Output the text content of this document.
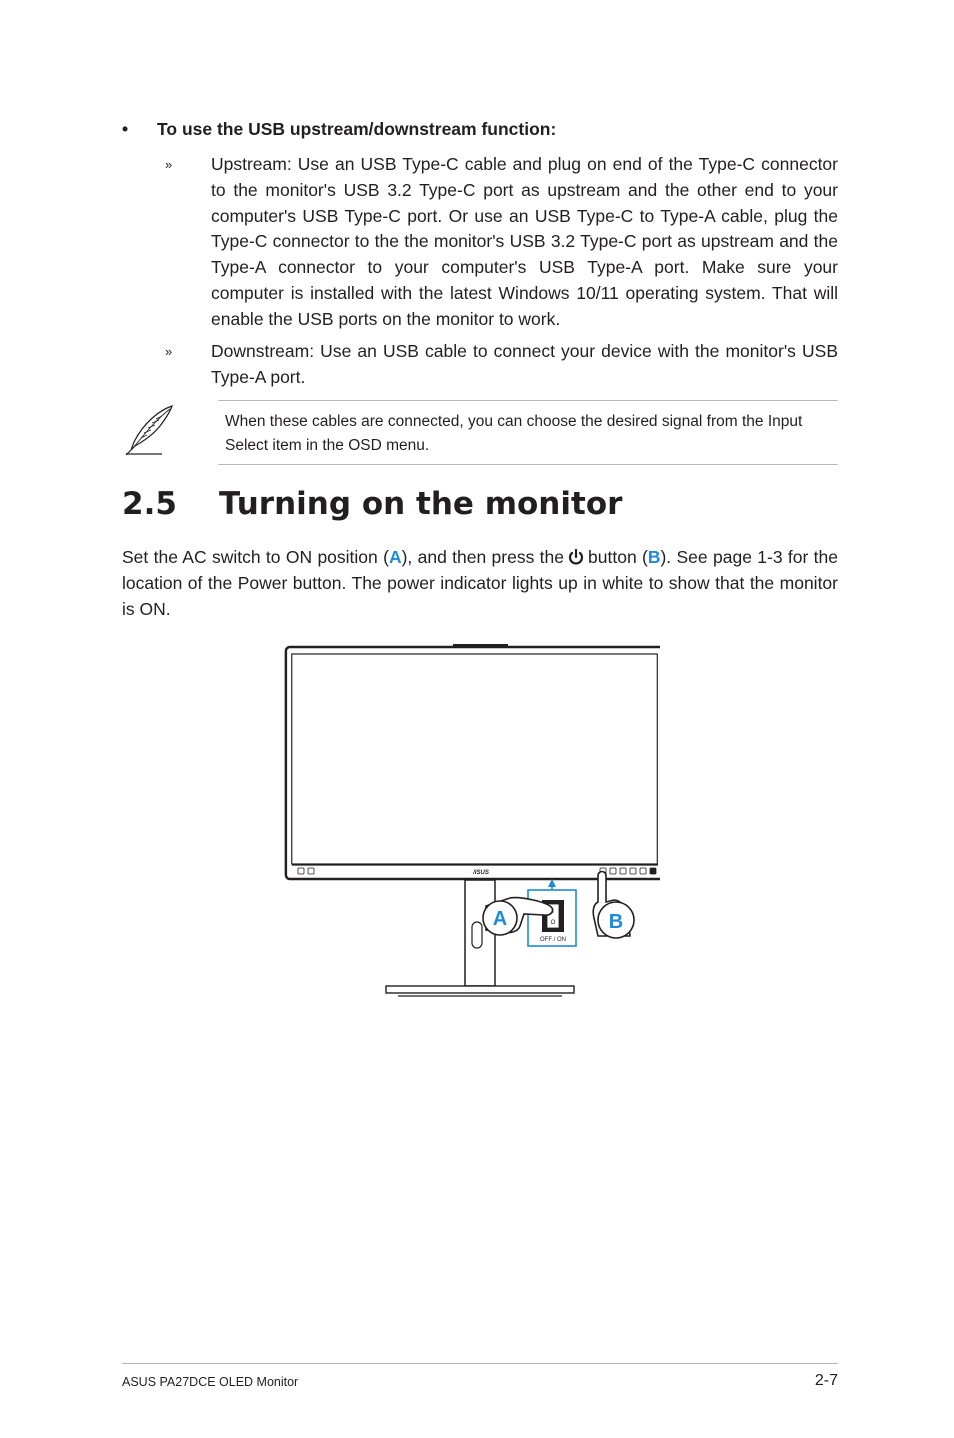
• To use the USB upstream/downstream function:
» Upstream: Use an USB Type-C cable and plug on end of the Type-C connector to the monitor's USB 3.2 Type-C port as upstream and the other end to your computer's USB Type-C port. Or use an USB Type-C to Type-A cable, plug the Type-C connector to the the monitor's USB 3.2 Type-C port as upstream and the Type-A connector to your computer's USB Type-A port. Make sure your computer is installed with the latest Windows 10/11 operating system. That will enable the USB ports on the monitor to work.
» Downstream: Use an USB cable to connect your device with the monitor's USB Type-A port.
When these cables are connected, you can choose the desired signal from the Input Select item in the OSD menu.
2.5 Turning on the monitor
Set the AC switch to ON position (A), and then press the button (B). See page 1-3 for the location of the Power button. The power indicator lights up in white to show that the monitor is ON.
/ISUS
O
OFF / ON
A	B
ASUS PA27DCE OLED Monitor	2-7
